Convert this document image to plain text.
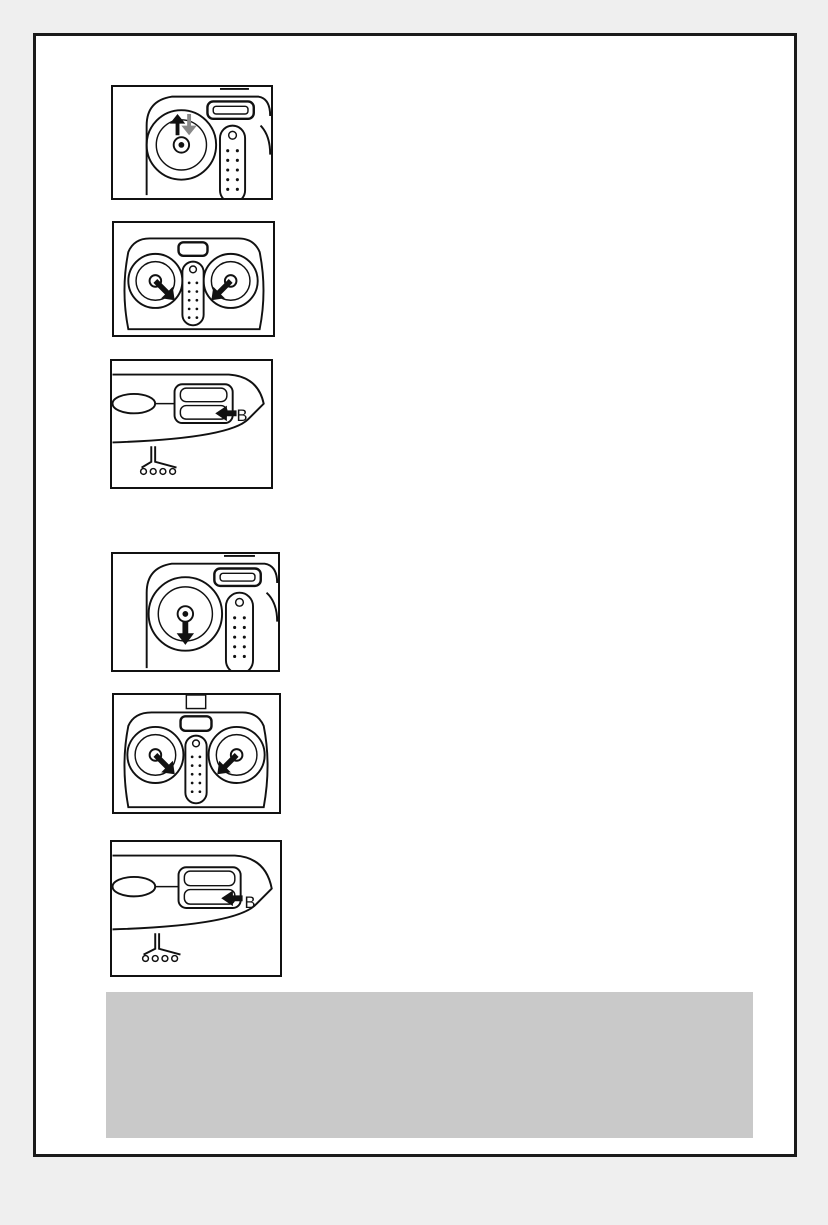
B
B
